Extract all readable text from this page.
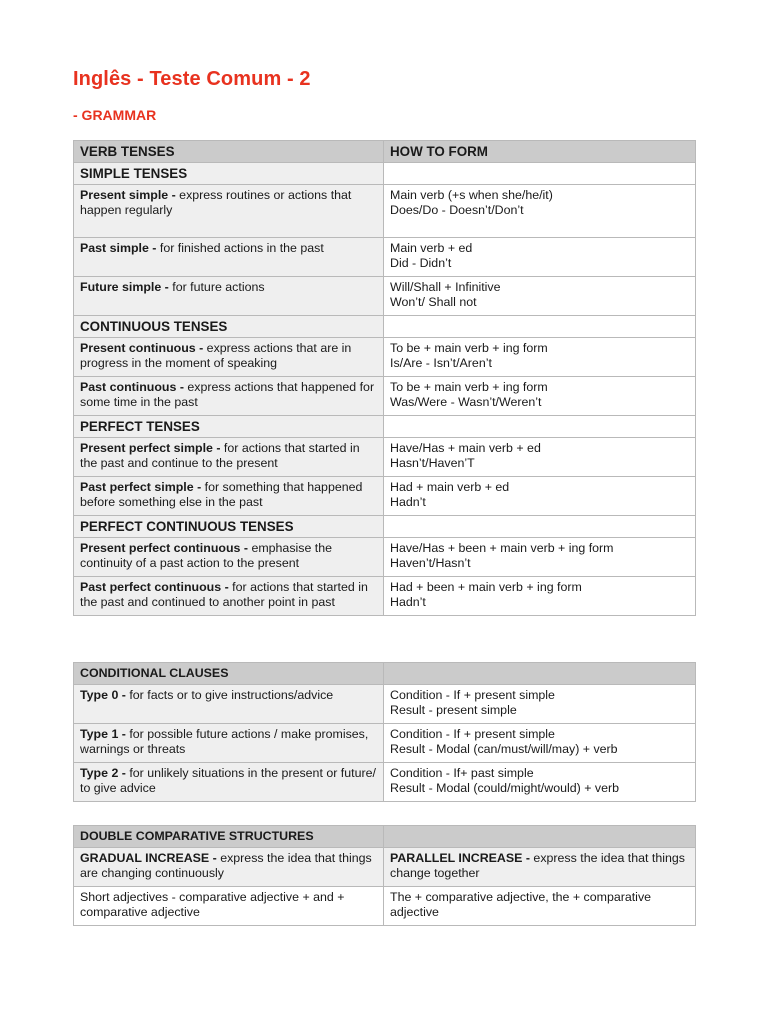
Inglês - Teste Comum - 2
- GRAMMAR
VERB TENSES	HOW TO FORM
SIMPLE TENSES	
Present simple - express routines or actions that happen regularly	Main verb (+s when she/he/it)
Does/Do - Doesn’t/Don’t

Past simple - for finished actions in the past	Main verb + ed
Did - Didn’t

Future simple - for future actions	Will/Shall + Infinitive
Won’t/ Shall not

CONTINUOUS TENSES	
Present continuous - express actions that are in progress in the moment of speaking	To be + main verb + ing form
Is/Are - Isn’t/Aren’t

Past continuous - express actions that happened for some time in the past	To be + main verb + ing form
Was/Were - Wasn’t/Weren’t

PERFECT TENSES	
Present perfect simple - for actions that started in the past and continue to the present	Have/Has + main verb + ed
Hasn’t/Haven’T

Past perfect simple - for something that happened before something else in the past	Had + main verb + ed
Hadn’t

PERFECT CONTINUOUS TENSES	
Present perfect continuous - emphasise the continuity of a past action to the present	Have/Has + been + main verb + ing form
Haven’t/Hasn’t

Past perfect continuous - for actions that started in the past and continued to another point in past	Had + been + main verb + ing form
Hadn’t
CONDITIONAL CLAUSES	
Type 0 - for facts or to give instructions/advice	Condition - If + present simple
Result - present simple

Type 1 - for possible future actions / make promises, warnings or threats	Condition - If + present simple
Result - Modal (can/must/will/may) + verb

Type 2 - for unlikely situations in the present or future/ to give advice	Condition - If+ past simple
Result - Modal (could/might/would) + verb
DOUBLE COMPARATIVE STRUCTURES	
GRADUAL INCREASE - express the idea that things are changing continuously	PARALLEL INCREASE - express the idea that things change together
Short adjectives - comparative adjective + and + comparative adjective	The + comparative adjective, the + comparative adjective
